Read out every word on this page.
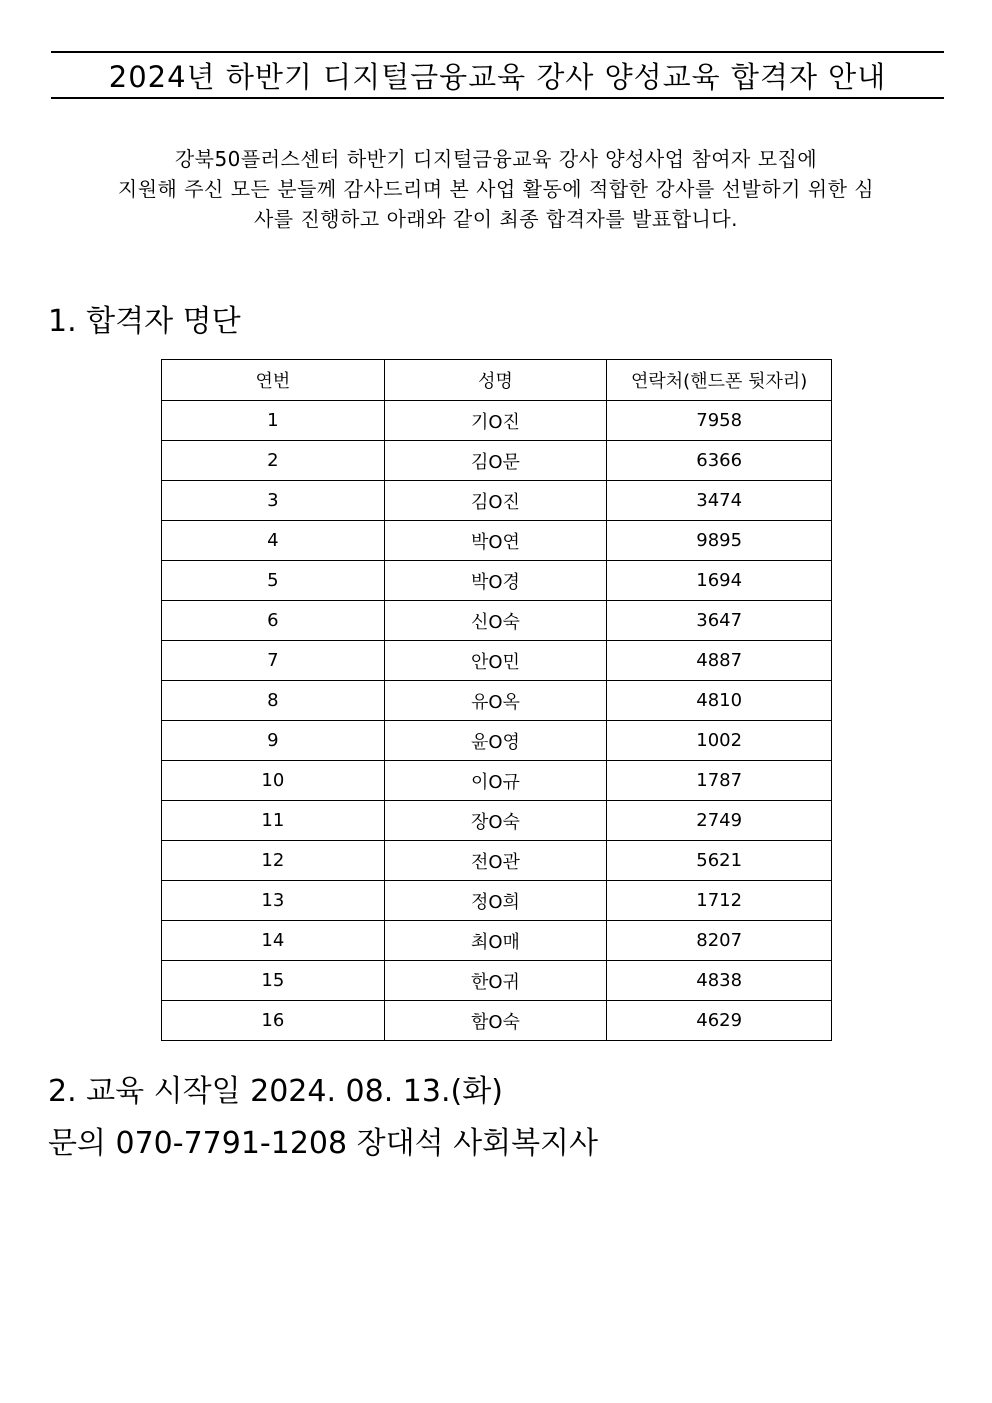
2024년 하반기 디지털금융교육 강사 양성교육 합격자 안내

강북50플러스센터 하반기 디지털금융교육 강사 양성사업 참여자 모집에

지원해 주신 모든 분들께 감사드리며 본 사업 활동에 적합한 강사를 선발하기 위한 심

사를 진행하고 아래와 같이 최종 합격자를 발표합니다.

1. 합격자 명단
연번	성명	연락처(핸드폰 뒷자리)
1	기O진	7958
2	김O문	6366
3	김O진	3474
4	박O연	9895
5	박O경	1694
6	신O숙	3647
7	안O민	4887
8	유O옥	4810
9	윤O영	1002
10	이O규	1787
11	장O숙	2749
12	전O관	5621
13	정O희	1712
14	최O매	8207
15	한O귀	4838
16	함O숙	4629
2. 교육 시작일 2024. 08. 13.(화)

문의 070-7791-1208 장대석 사회복지사
